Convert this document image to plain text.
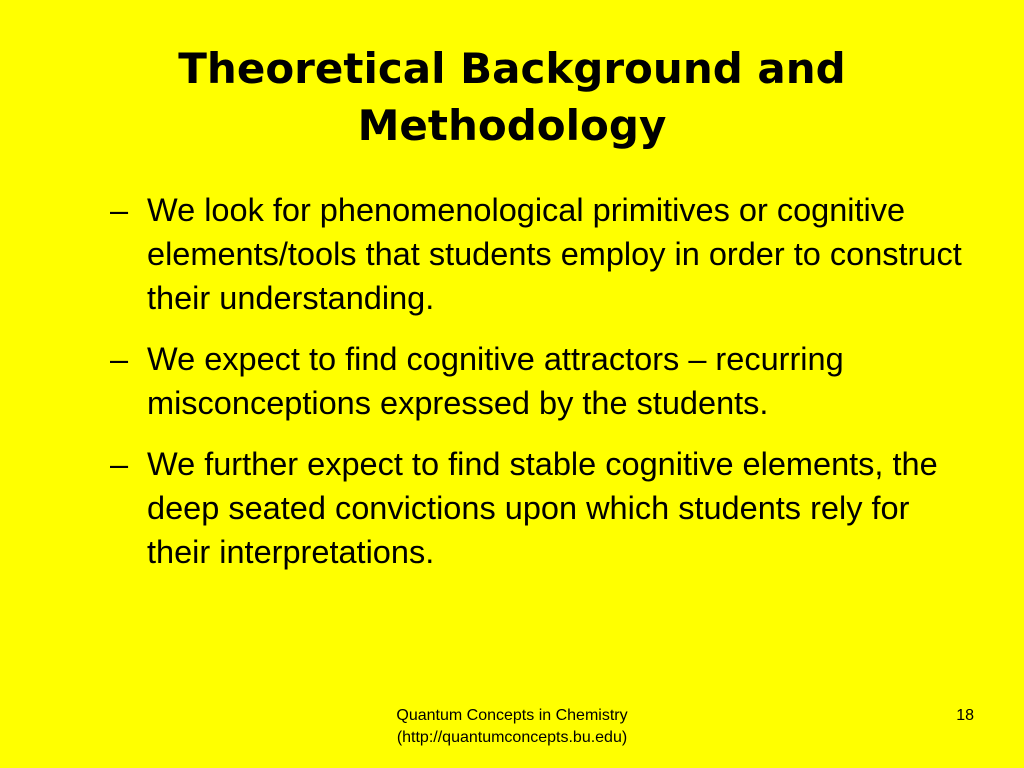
Theoretical Background and
Methodology
– We look for phenomenological primitives or cognitive elements/tools that students employ in order to construct their understanding.
– We expect to find cognitive attractors – recurring misconceptions expressed by the students.
– We further expect to find stable cognitive elements, the deep seated convictions upon which students rely for their interpretations.
Quantum Concepts in Chemistry
(http://quantumconcepts.bu.edu)
18
